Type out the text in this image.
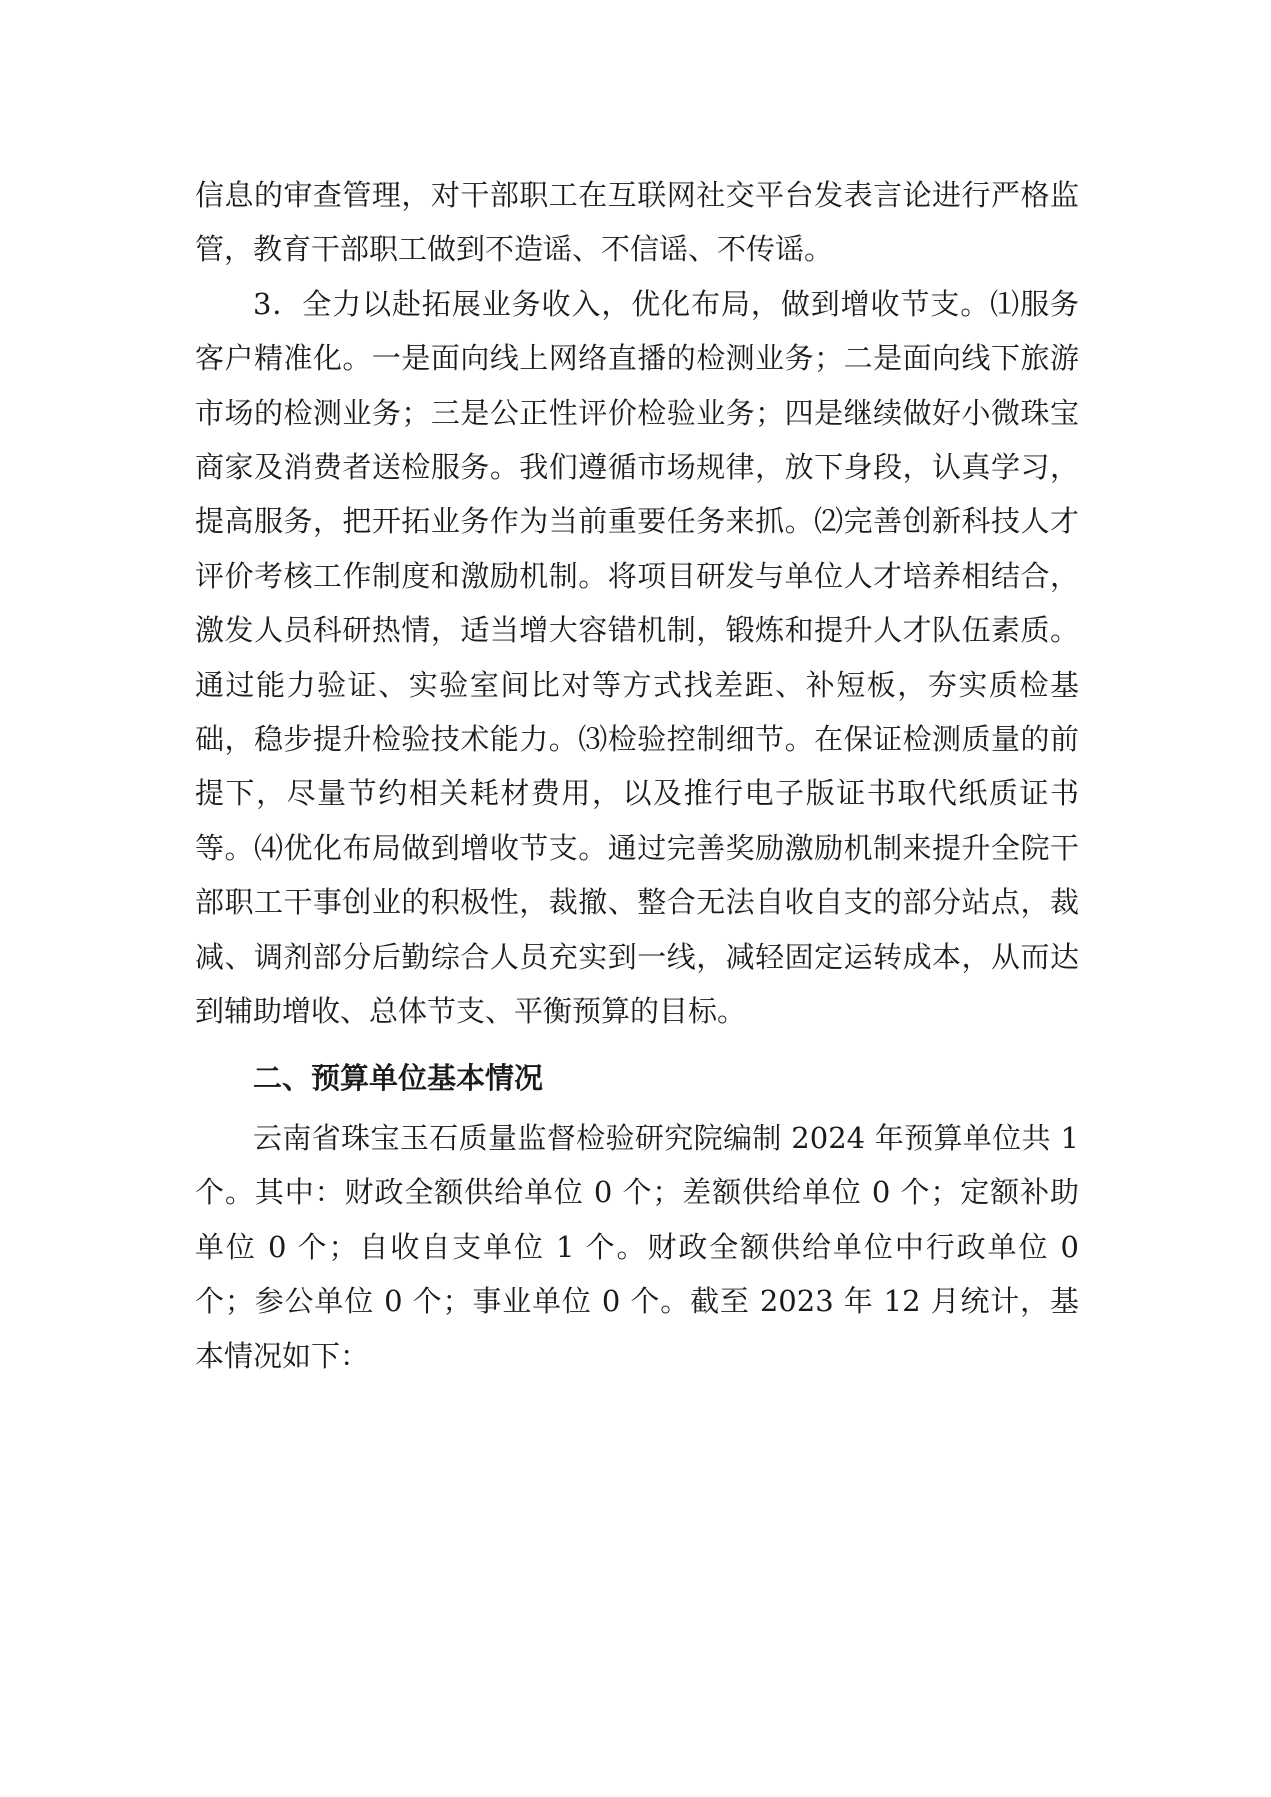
信息的审查管理，对干部职工在互联网社交平台发表言论进行严格监管，教育干部职工做到不造谣、不信谣、不传谣。

3．全力以赴拓展业务收入，优化布局，做到增收节支。⑴服务客户精准化。一是面向线上网络直播的检测业务；二是面向线下旅游市场的检测业务；三是公正性评价检验业务；四是继续做好小微珠宝商家及消费者送检服务。我们遵循市场规律，放下身段，认真学习，提高服务，把开拓业务作为当前重要任务来抓。⑵完善创新科技人才评价考核工作制度和激励机制。将项目研发与单位人才培养相结合，激发人员科研热情，适当增大容错机制，锻炼和提升人才队伍素质。通过能力验证、实验室间比对等方式找差距、补短板，夯实质检基础，稳步提升检验技术能力。⑶检验控制细节。在保证检测质量的前提下，尽量节约相关耗材费用，以及推行电子版证书取代纸质证书等。⑷优化布局做到增收节支。通过完善奖励激励机制来提升全院干部职工干事创业的积极性，裁撤、整合无法自收自支的部分站点，裁减、调剂部分后勤综合人员充实到一线，减轻固定运转成本，从而达到辅助增收、总体节支、平衡预算的目标。

二、预算单位基本情况

云南省珠宝玉石质量监督检验研究院编制 2024 年预算单位共 1 个。其中：财政全额供给单位 0 个；差额供给单位 0 个；定额补助单位 0 个；自收自支单位 1 个。财政全额供给单位中行政单位 0 个；参公单位 0 个；事业单位 0 个。截至 2023 年 12 月统计，基本情况如下：
